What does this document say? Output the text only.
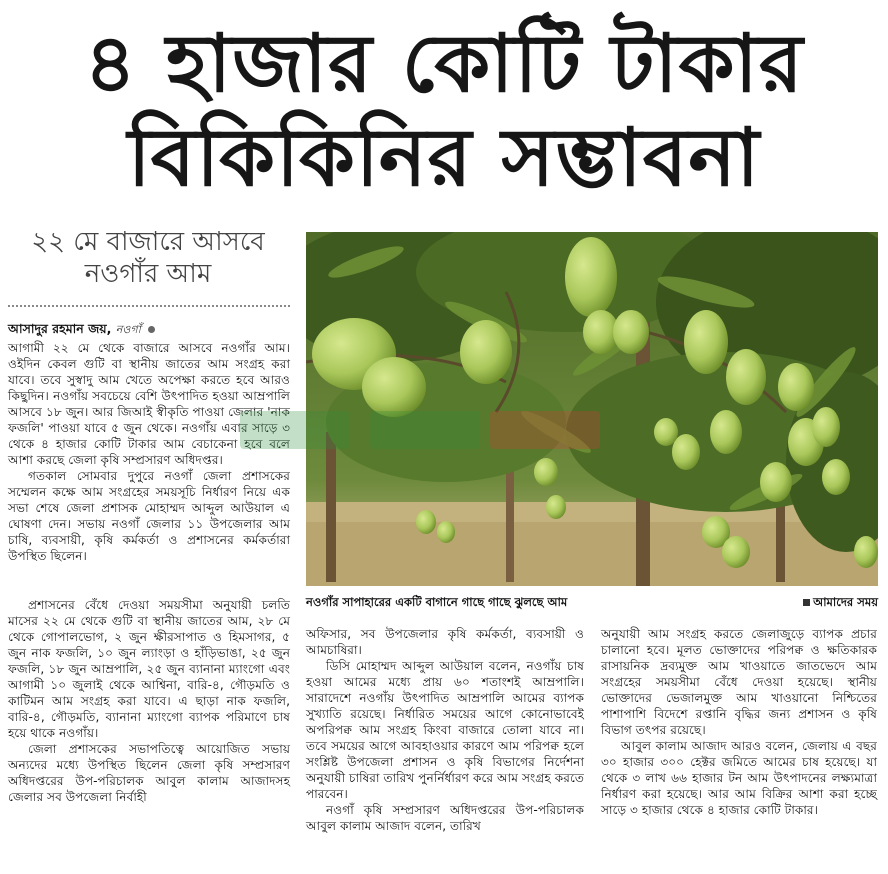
৪ হাজার কোটি টাকার
বিকিকিনির সম্ভাবনা
২২ মে বাজারে আসবে
নওগাঁর আম
আসাদুর রহমান জয়, নওগাঁ

আগামী ২২ মে থেকে বাজারে আসবে নওগাঁর আম। ওইদিন কেবল গুটি বা স্থানীয় জাতের আম সংগ্রহ করা যাবে। তবে সুস্বাদু আম খেতে অপেক্ষা করতে হবে আরও কিছুদিন। নওগাঁয় সবচেয়ে বেশি উৎপাদিত হওয়া আম্রপালি আসবে ১৮ জুন। আর জিআই স্বীকৃতি পাওয়া জেলার 'নাক ফজলি' পাওয়া যাবে ৫ জুন থেকে। নওগাঁয় এবার সাড়ে ৩ থেকে ৪ হাজার কোটি টাকার আম বেচাকেনা হবে বলে আশা করছে জেলা কৃষি সম্প্রসারণ অধিদপ্তর।

গতকাল সোমবার দুপুরে নওগাঁ জেলা প্রশাসকের সম্মেলন কক্ষে আম সংগ্রহের সময়সূচি নির্ধারণ নিয়ে এক সভা শেষে জেলা প্রশাসক মোহাম্মদ আব্দুল আউয়াল এ ঘোষণা দেন। সভায় নওগাঁ জেলার ১১ উপজেলার আম চাষি, ব্যবসায়ী, কৃষি কর্মকর্তা ও প্রশাসনের কর্মকর্তারা উপস্থিত ছিলেন।

নওগাঁর সাপাহারের একটি বাগানে গাছে গাছে ঝুলছে আম	আমাদের সময়

প্রশাসনের বেঁধে দেওয়া সময়সীমা অনুযায়ী চলতি মাসের ২২ মে থেকে গুটি বা স্থানীয় জাতের আম, ২৮ মে থেকে গোপালভোগ, ২ জুন ক্ষীরসাপাত ও হিমসাগর, ৫ জুন নাক ফজলি, ১০ জুন ল্যাংড়া ও হাঁড়িভাঙা, ২৫ জুন ফজলি, ১৮ জুন আম্রপালি, ২৫ জুন ব্যানানা ম্যাংগো এবং আগামী ১০ জুলাই থেকে আশ্বিনা, বারি-৪, গৌড়মতি ও কাটিমন আম সংগ্রহ করা যাবে। এ ছাড়া নাক ফজলি, বারি-৪, গৌড়মতি, ব্যানানা ম্যাংগো ব্যাপক পরিমাণে চাষ হয়ে থাকে নওগাঁয়।

জেলা প্রশাসকের সভাপতিত্বে আয়োজিত সভায় অন্যদের মধ্যে উপস্থিত ছিলেন জেলা কৃষি সম্প্রসারণ অধিদপ্তরের উপ-পরিচালক আবুল কালাম আজাদসহ জেলার সব উপজেলা নির্বাহী

অফিসার, সব উপজেলার কৃষি কর্মকর্তা, ব্যবসায়ী ও আমচাষিরা।

ডিসি মোহাম্মদ আব্দুল আউয়াল বলেন, নওগাঁয় চাষ হওয়া আমের মধ্যে প্রায় ৬০ শতাংশই আম্রপালি। সারাদেশে নওগাঁয় উৎপাদিত আম্রপালি আমের ব্যাপক সুখ্যাতি রয়েছে। নির্ধারিত সময়ের আগে কোনোভাবেই অপরিপক্ব আম সংগ্রহ কিংবা বাজারে তোলা যাবে না। তবে সময়ের আগে আবহাওয়ার কারণে আম পরিপক্ব হলে সংশ্লিষ্ট উপজেলা প্রশাসন ও কৃষি বিভাগের নির্দেশনা অনুযায়ী চাষিরা তারিখ পুনর্নির্ধারণ করে আম সংগ্রহ করতে পারবেন।

নওগাঁ কৃষি সম্প্রসারণ অধিদপ্তরের উপ-পরিচালক আবুল কালাম আজাদ বলেন, তারিখ

অনুযায়ী আম সংগ্রহ করতে জেলাজুড়ে ব্যাপক প্রচার চালানো হবে। মূলত ভোক্তাদের পরিপক্ব ও ক্ষতিকারক রাসায়নিক দ্রব্যমুক্ত আম খাওয়াতে জাতভেদে আম সংগ্রহের সময়সীমা বেঁধে দেওয়া হয়েছে। স্থানীয় ভোক্তাদের ভেজালমুক্ত আম খাওয়ানো নিশ্চিতের পাশাপাশি বিদেশে রপ্তানি বৃদ্ধির জন্য প্রশাসন ও কৃষি বিভাগ তৎপর রয়েছে।

আবুল কালাম আজাদ আরও বলেন, জেলায় এ বছর ৩০ হাজার ৩০০ হেক্টর জমিতে আমের চাষ হয়েছে। যা থেকে ৩ লাখ ৬৬ হাজার টন আম উৎপাদনের লক্ষ্যমাত্রা নির্ধারণ করা হয়েছে। আর আম বিক্রির আশা করা হচ্ছে সাড়ে ৩ হাজার থেকে ৪ হাজার কোটি টাকার।
